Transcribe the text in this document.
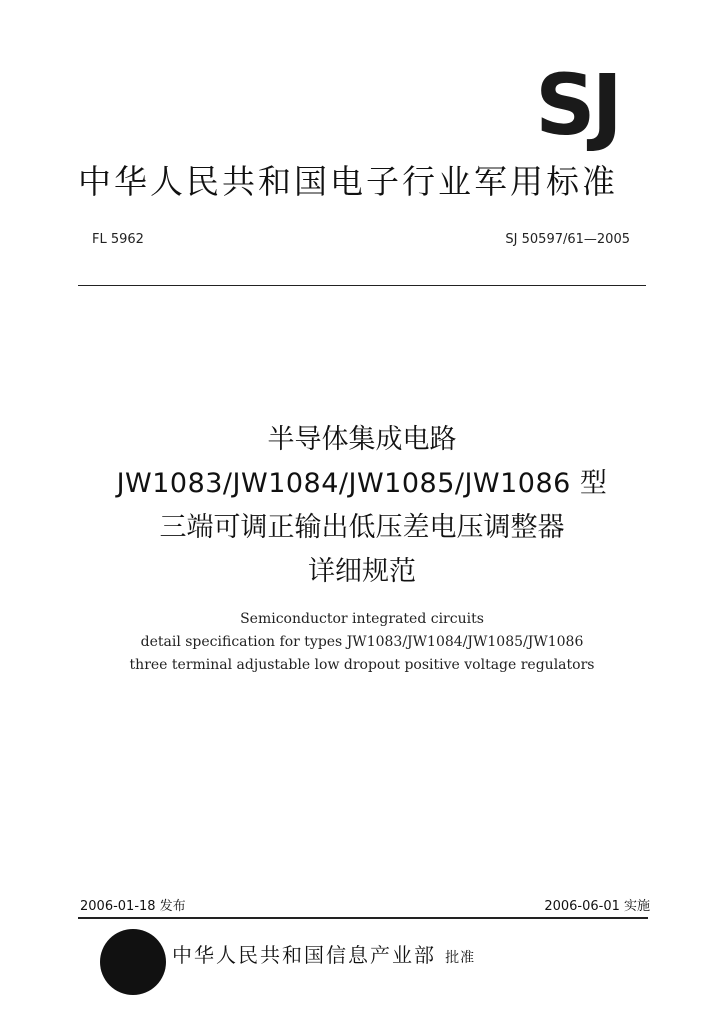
SJ
中华人民共和国电子行业军用标准
FL 5962	SJ 50597/61—2005
半导体集成电路
JW1083/JW1084/JW1085/JW1086 型
三端可调正输出低压差电压调整器
详细规范
Semiconductor integrated circuits
detail specification for types JW1083/JW1084/JW1085/JW1086
three terminal adjustable low dropout positive voltage regulators
2006-01-18 发布	2006-06-01 实施
中华人民共和国信息产业部 批准
